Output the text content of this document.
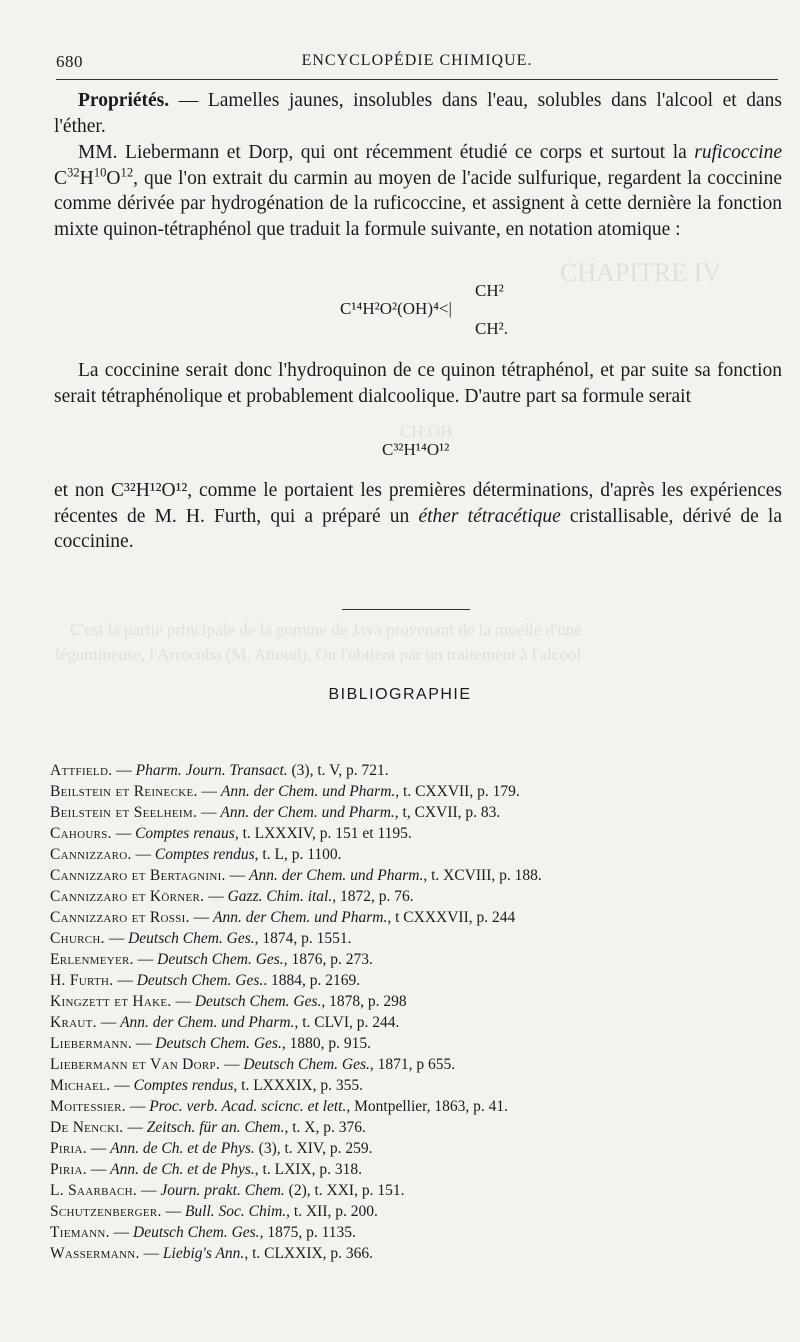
680	ENCYCLOPÉDIE CHIMIQUE.
Propriétés. — Lamelles jaunes, insolubles dans l'eau, solubles dans l'alcool et dans l'éther.
MM. Liebermann et Dorp, qui ont récemment étudié ce corps et surtout la ruficoccine $C^{32}H^{10}O^{12}$, que l'on extrait du carmin au moyen de l'acide sulfurique, regardent la coccinine comme dérivée par hydrogénation de la ruficoccine, et assignent à cette dernière la fonction mixte quinon-tétraphénol que traduit la formule suivante, en notation atomique :
CH²
C¹⁴H²O²(OH)⁴<|
CH².
La coccinine serait donc l'hydroquinon de ce quinon tétraphénol, et par suite sa fonction serait tétraphénolique et probablement dialcoolique. D'autre part sa formule serait
C³²H¹⁴O¹²
et non C³²H¹²O¹², comme le portaient les premières déterminations, d'après les expériences récentes de M. H. Furth, qui a préparé un éther tétracétique cristallisable, dérivé de la coccinine.
BIBLIOGRAPHIE
Attfield. — Pharm. Journ. Transact. (3), t. V, p. 721.
Beilstein et Reinecke. — Ann. der Chem. und Pharm., t. CXXVII, p. 179.
Beilstein et Seelheim. — Ann. der Chem. und Pharm., t, CXVII, p. 83.
Cahours. — Comptes renaus, t. LXXXIV, p. 151 et 1195.
Cannizzaro. — Comptes rendus, t. L, p. 1100.
Cannizzaro et Bertagnini. — Ann. der Chem. und Pharm., t. XCVIII, p. 188.
Cannizzaro et Körner. — Gazz. Chim. ital., 1872, p. 76.
Cannizzaro et Rossi. — Ann. der Chem. und Pharm., t CXXXVII, p. 244
Church. — Deutsch Chem. Ges., 1874, p. 1551.
Erlenmeyer. — Deutsch Chem. Ges., 1876, p. 273.
H. Furth. — Deutsch Chem. Ges.. 1884, p. 2169.
Kingzett et Hake. — Deutsch Chem. Ges., 1878, p. 298
Kraut. — Ann. der Chem. und Pharm., t. CLVI, p. 244.
Liebermann. — Deutsch Chem. Ges., 1880, p. 915.
Liebermann et Van Dorp. — Deutsch Chem. Ges., 1871, p 655.
Michael. — Comptes rendus, t. LXXXIX, p. 355.
Moitessier. — Proc. verb. Acad. scicnc. et lett., Montpellier, 1863, p. 41.
De Nencki. — Zeitsch. für an. Chem., t. X, p. 376.
Piria. — Ann. de Ch. et de Phys. (3), t. XIV, p. 259.
Piria. — Ann. de Ch. et de Phys., t. LXIX, p. 318.
L. Saarbach. — Journ. prakt. Chem. (2), t. XXI, p. 151.
Schutzenberger. — Bull. Soc. Chim., t. XII, p. 200.
Tiemann. — Deutsch Chem. Ges., 1875, p. 1135.
Wassermann. — Liebig's Ann., t. CLXXIX, p. 366.
CHAPITRE IV
CH.OH
C'est la partie principale de la gomme de Java provenant de la moelle d'une
légumineuse, l'Arrocoba (M. Attoud). On l'obtient par un traitement à l'alcool
